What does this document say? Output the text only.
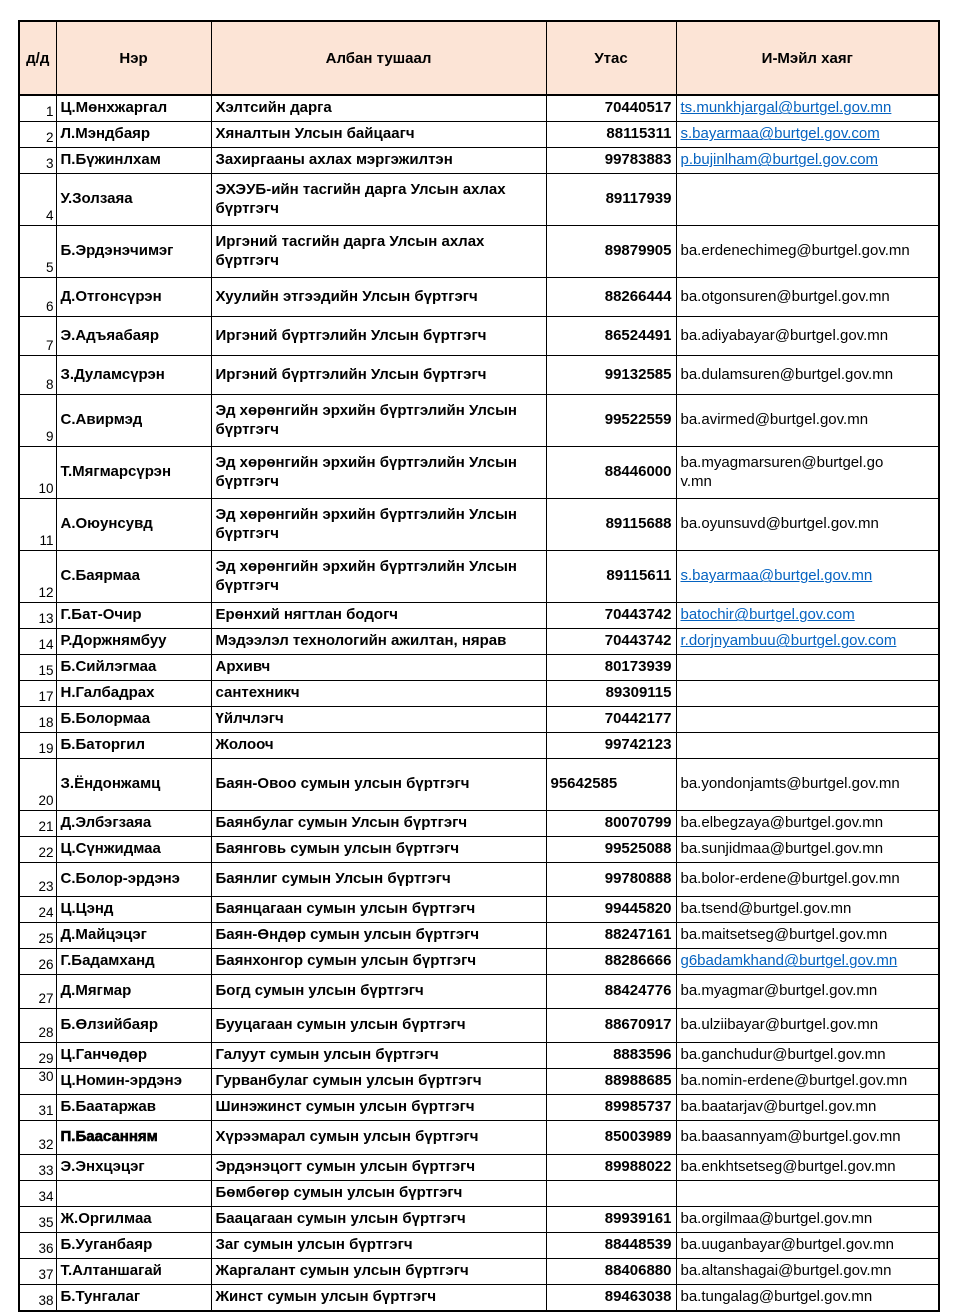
д/д	Нэр	Албан тушаал	Утас	И-Мэйл хаяг
1	Ц.Мөнхжаргал	Хэлтсийн дарга	70440517	ts.munkhjargal@burtgel.gov.mn
2	Л.Мэндбаяр	Хяналтын Улсын байцаагч	88115311	s.bayarmaa@burtgel.gov.com
3	П.Бүжинлхам	Захиргааны ахлах мэргэжилтэн	99783883	p.bujinlham@burtgel.gov.com
4	У.Золзаяа	ЭХЭУБ-ийн тасгийн дарга Улсын ахлах бүртгэгч	89117939	
5	Б.Эрдэнэчимэг	Иргэний тасгийн дарга Улсын ахлах бүртгэгч	89879905	ba.erdenechimeg@burtgel.gov.mn
6	Д.Отгонсүрэн	Хуулийн этгээдийн Улсын бүртгэгч	88266444	ba.otgonsuren@burtgel.gov.mn
7	Э.Адъяабаяр	Иргэний бүртгэлийн Улсын бүртгэгч	86524491	ba.adiyabayar@burtgel.gov.mn
8	З.Дуламсүрэн	Иргэний бүртгэлийн Улсын бүртгэгч	99132585	ba.dulamsuren@burtgel.gov.mn
9	С.Авирмэд	Эд хөрөнгийн эрхийн бүртгэлийн Улсын бүртгэгч	99522559	ba.avirmed@burtgel.gov.mn
10	Т.Мягмарсүрэн	Эд хөрөнгийн эрхийн бүртгэлийн Улсын бүртгэгч	88446000	ba.myagmarsuren@burtgel.gov.mn
11	А.Оюунсувд	Эд хөрөнгийн эрхийн бүртгэлийн Улсын бүртгэгч	89115688	ba.oyunsuvd@burtgel.gov.mn
12	С.Баярмаа	Эд хөрөнгийн эрхийн бүртгэлийн Улсын бүртгэгч	89115611	s.bayarmaa@burtgel.gov.mn
13	Г.Бат-Очир	Ерөнхий нягтлан бодогч	70443742	batochir@burtgel.gov.com
14	Р.Доржнямбуу	Мэдээлэл технологийн ажилтан, нярав	70443742	r.dorjnyambuu@burtgel.gov.com
15	Б.Сийлэгмаа	Архивч	80173939	
17	Н.Галбадрах	сантехникч	89309115	
18	Б.Болормаа	Үйлчлэгч	70442177	
19	Б.Баторгил	Жолооч	99742123	
20	З.Ёндонжамц	Баян-Овоо сумын улсын бүртгэгч	95642585	ba.yondonjamts@burtgel.gov.mn
21	Д.Элбэгзаяа	Баянбулаг сумын Улсын бүртгэгч	80070799	ba.elbegzaya@burtgel.gov.mn
22	Ц.Сүнжидмаа	Баянговь сумын улсын бүртгэгч	99525088	ba.sunjidmaa@burtgel.gov.mn
23	С.Болор-эрдэнэ	Баянлиг сумын Улсын бүртгэгч	99780888	ba.bolor-erdene@burtgel.gov.mn
24	Ц.Цэнд	Баянцагаан сумын улсын бүртгэгч	99445820	ba.tsend@burtgel.gov.mn
25	Д.Майцэцэг	Баян-Өндөр сумын улсын бүртгэгч	88247161	ba.maitsetseg@burtgel.gov.mn
26	Г.Бадамханд	Баянхонгор сумын улсын бүртгэгч	88286666	g6badamkhand@burtgel.gov.mn
27	Д.Мягмар	Богд сумын улсын бүртгэгч	88424776	ba.myagmar@burtgel.gov.mn
28	Б.Өлзийбаяр	Бууцагаан сумын улсын бүртгэгч	88670917	ba.ulziibayar@burtgel.gov.mn
29	Ц.Ганчөдөр	Галуут сумын улсын бүртгэгч	8883596	ba.ganchudur@burtgel.gov.mn
30	Ц.Номин-эрдэнэ	Гурванбулаг сумын улсын бүртгэгч	88988685	ba.nomin-erdene@burtgel.gov.mn
31	Б.Баатаржав	Шинэжинст сумын улсын бүртгэгч	89985737	ba.baatarjav@burtgel.gov.mn
32	П.Баасанням	Хүрээмарал сумын улсын бүртгэгч	85003989	ba.baasannyam@burtgel.gov.mn
33	Э.Энхцэцэг	Эрдэнэцогт сумын улсын бүртгэгч	89988022	ba.enkhtsetseg@burtgel.gov.mn
34		Бөмбөгөр сумын улсын бүртгэгч		
35	Ж.Оргилмаа	Баацагаан сумын улсын бүртгэгч	89939161	ba.orgilmaa@burtgel.gov.mn
36	Б.Ууганбаяр	Заг сумын улсын бүртгэгч	88448539	ba.uuganbayar@burtgel.gov.mn
37	Т.Алтаншагай	Жаргалант сумын улсын бүртгэгч	88406880	ba.altanshagai@burtgel.gov.mn
38	Б.Тунгалаг	Жинст сумын улсын бүртгэгч	89463038	ba.tungalag@burtgel.gov.mn
